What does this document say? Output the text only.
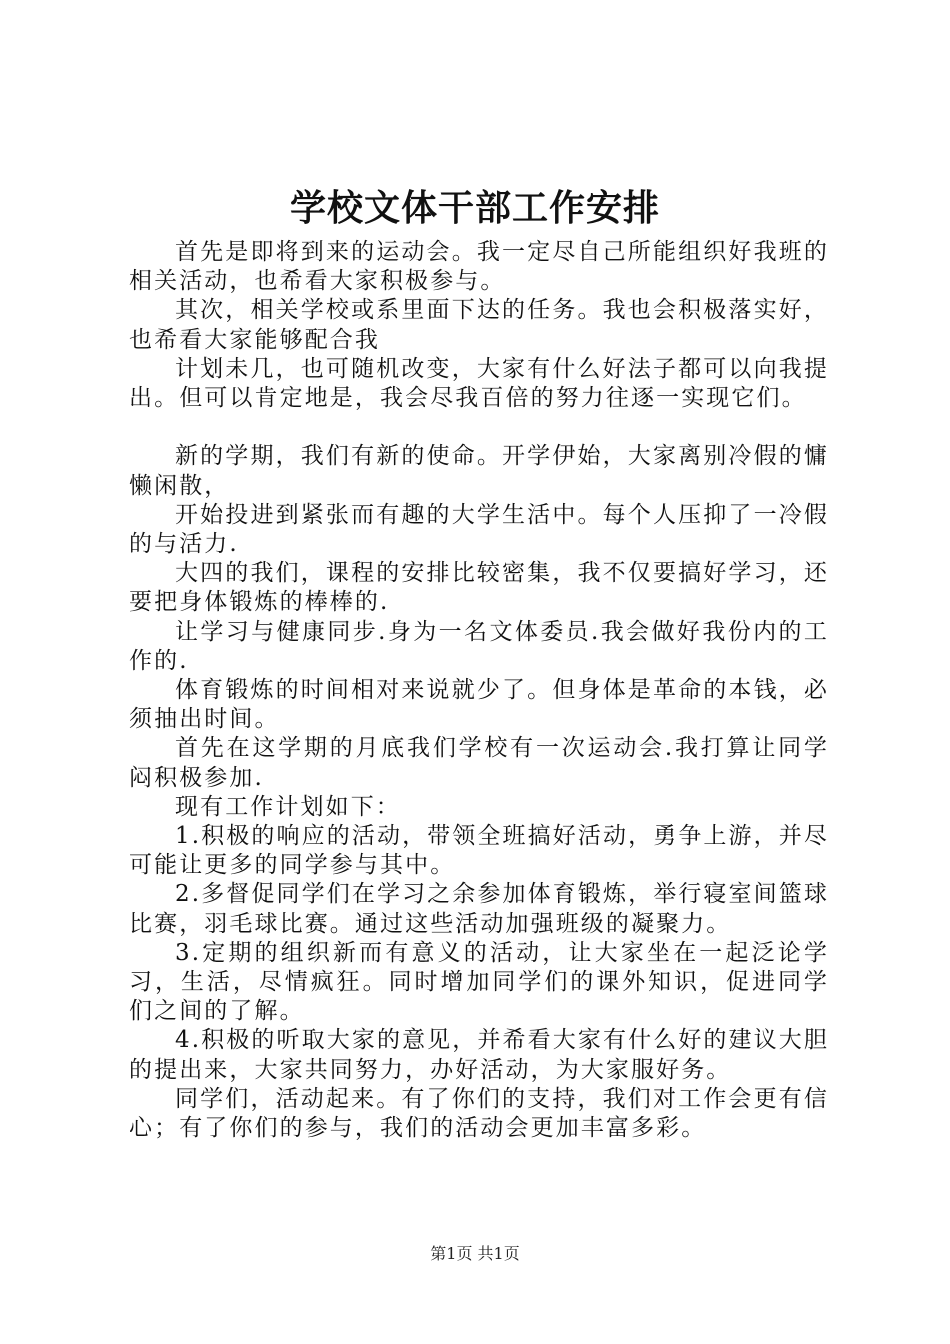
学校文体干部工作安排

首先是即将到来的运动会。我一定尽自己所能组织好我班的相关活动，也希看大家积极参与。

其次，相关学校或系里面下达的任务。我也会积极落实好，也希看大家能够配合我

计划未几，也可随机改变，大家有什么好法子都可以向我提出。但可以肯定地是，我会尽我百倍的努力往逐一实现它们。

新的学期，我们有新的使命。开学伊始，大家离别冷假的慵懒闲散，

开始投进到紧张而有趣的大学生活中。每个人压抑了一冷假的与活力.

大四的我们，课程的安排比较密集，我不仅要搞好学习，还要把身体锻炼的棒棒的.

让学习与健康同步.身为一名文体委员.我会做好我份内的工作的.

体育锻炼的时间相对来说就少了。但身体是革命的本钱，必须抽出时间。

首先在这学期的月底我们学校有一次运动会.我打算让同学闷积极参加.

现有工作计划如下：

1.积极的响应的活动，带领全班搞好活动，勇争上游，并尽可能让更多的同学参与其中。

2.多督促同学们在学习之余参加体育锻炼，举行寝室间篮球比赛，羽毛球比赛。通过这些活动加强班级的凝聚力。

3.定期的组织新而有意义的活动，让大家坐在一起泛论学习，生活，尽情疯狂。同时增加同学们的课外知识，促进同学们之间的了解。

4.积极的听取大家的意见，并希看大家有什么好的建议大胆的提出来，大家共同努力，办好活动，为大家服好务。

同学们，活动起来。有了你们的支持，我们对工作会更有信心；有了你们的参与，我们的活动会更加丰富多彩。

第1页 共1页
